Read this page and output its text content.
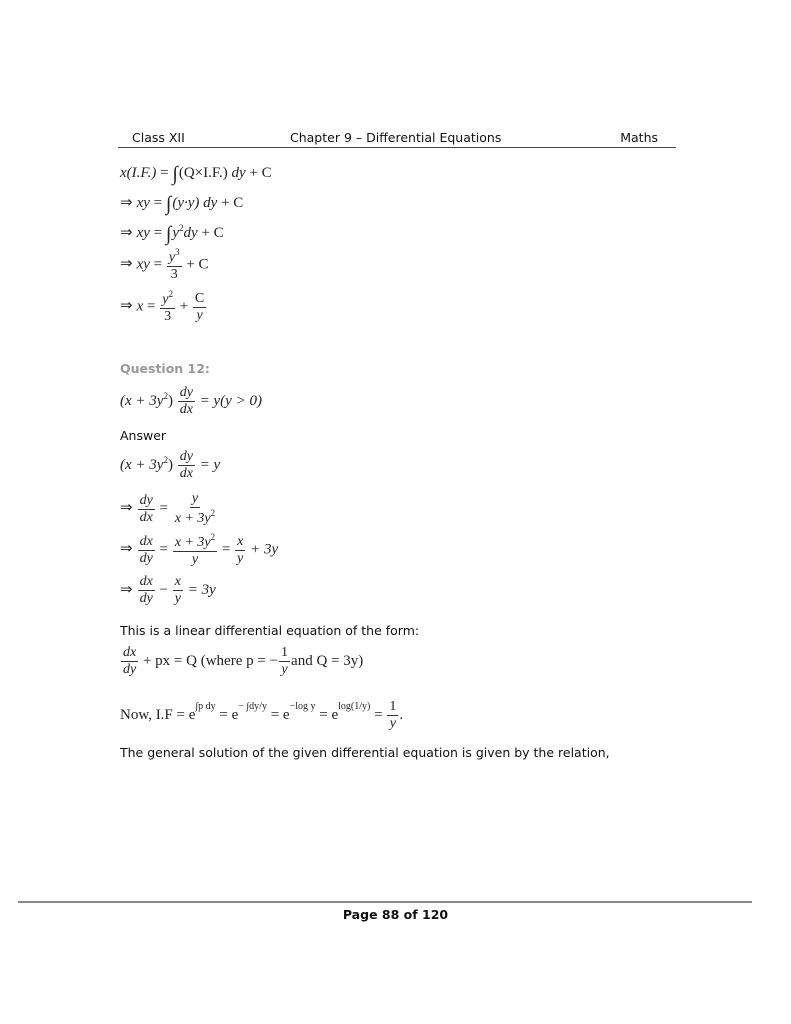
Class XII	Chapter 9 – Differential Equations	Maths
x(I.F.) = ∫(Q×I.F.) dy + C
⇒ xy = ∫(y·y) dy + C
⇒ xy = $\int y^2dy + C$
⇒ xy = $\frac{y^3}{3} + C$
⇒ $x = \frac{y^2}{3} + \frac{C}{y}$
Question 12:
$(x + 3y^2) \frac{dy}{dx} = y(y > 0)$
Answer
$(x + 3y^2) \frac{dy}{dx} = y$
⇒ $\frac{dy}{dx} = \frac{y}{x + 3y^2}$
⇒ $\frac{dx}{dy} = \frac{x + 3y^2}{y} = \frac{x}{y} + 3y$
⇒ $\frac{dx}{dy} - \frac{x}{y} = 3y$
This is a linear differential equation of the form:
$\frac{dx}{dy}$ + px = Q (where p = − $\frac{1}{y}$ and Q = 3y)
Now, $I.F = e^{\int p dy} = e^{- \int dy/y} = e^{-log y} = e^{log(1/y)} = \frac{1}{y}$ .
The general solution of the given differential equation is given by the relation,
Page 88 of 120
